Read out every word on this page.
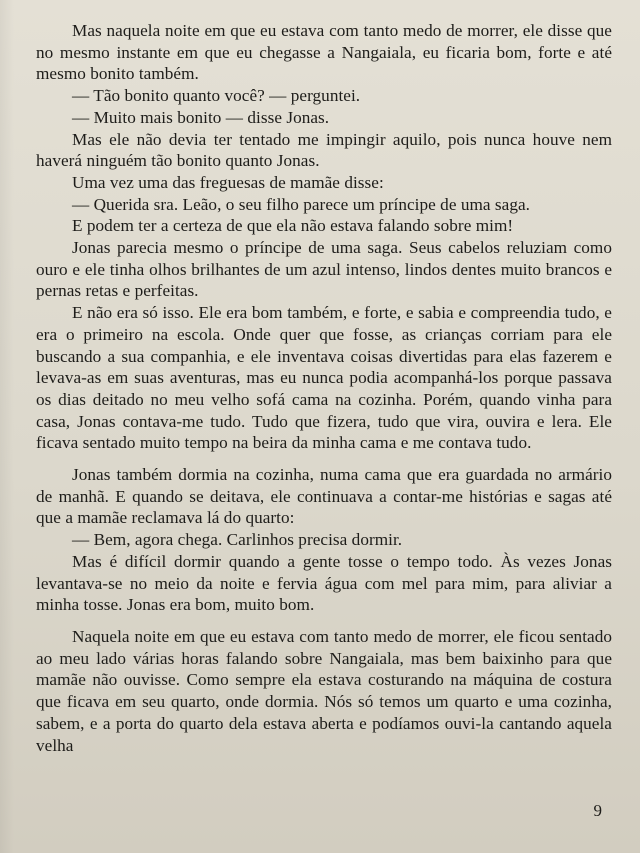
Mas naquela noite em que eu estava com tanto medo de morrer, ele disse que no mesmo instante em que eu chegasse a Nangaiala, eu ficaria bom, forte e até mesmo bonito também.

— Tão bonito quanto você? — perguntei.

— Muito mais bonito — disse Jonas.

Mas ele não devia ter tentado me impingir aquilo, pois nunca houve nem haverá ninguém tão bonito quanto Jonas.

Uma vez uma das freguesas de mamãe disse:

— Querida sra. Leão, o seu filho parece um príncipe de uma saga.

E podem ter a certeza de que ela não estava falando sobre mim!

Jonas parecia mesmo o príncipe de uma saga. Seus cabelos reluziam como ouro e ele tinha olhos brilhantes de um azul intenso, lindos dentes muito brancos e pernas retas e perfeitas.

E não era só isso. Ele era bom também, e forte, e sabia e compreendia tudo, e era o primeiro na escola. Onde quer que fosse, as crianças corriam para ele buscando a sua companhia, e ele inventava coisas divertidas para elas fazerem e levava-as em suas aventuras, mas eu nunca podia acompanhá-los porque passava os dias deitado no meu velho sofá cama na cozinha. Porém, quando vinha para casa, Jonas contava-me tudo. Tudo que fizera, tudo que vira, ouvira e lera. Ele ficava sentado muito tempo na beira da minha cama e me contava tudo.

Jonas também dormia na cozinha, numa cama que era guardada no armário de manhã. E quando se deitava, ele continuava a contar-me histórias e sagas até que a mamãe reclamava lá do quarto:

— Bem, agora chega. Carlinhos precisa dormir.

Mas é difícil dormir quando a gente tosse o tempo todo. Às vezes Jonas levantava-se no meio da noite e fervia água com mel para mim, para aliviar a minha tosse. Jonas era bom, muito bom.

Naquela noite em que eu estava com tanto medo de morrer, ele ficou sentado ao meu lado várias horas falando sobre Nangaiala, mas bem baixinho para que mamãe não ouvisse. Como sempre ela estava costurando na máquina de costura que ficava em seu quarto, onde dormia. Nós só temos um quarto e uma cozinha, sabem, e a porta do quarto dela estava aberta e podíamos ouvi-la cantando aquela velha

9
